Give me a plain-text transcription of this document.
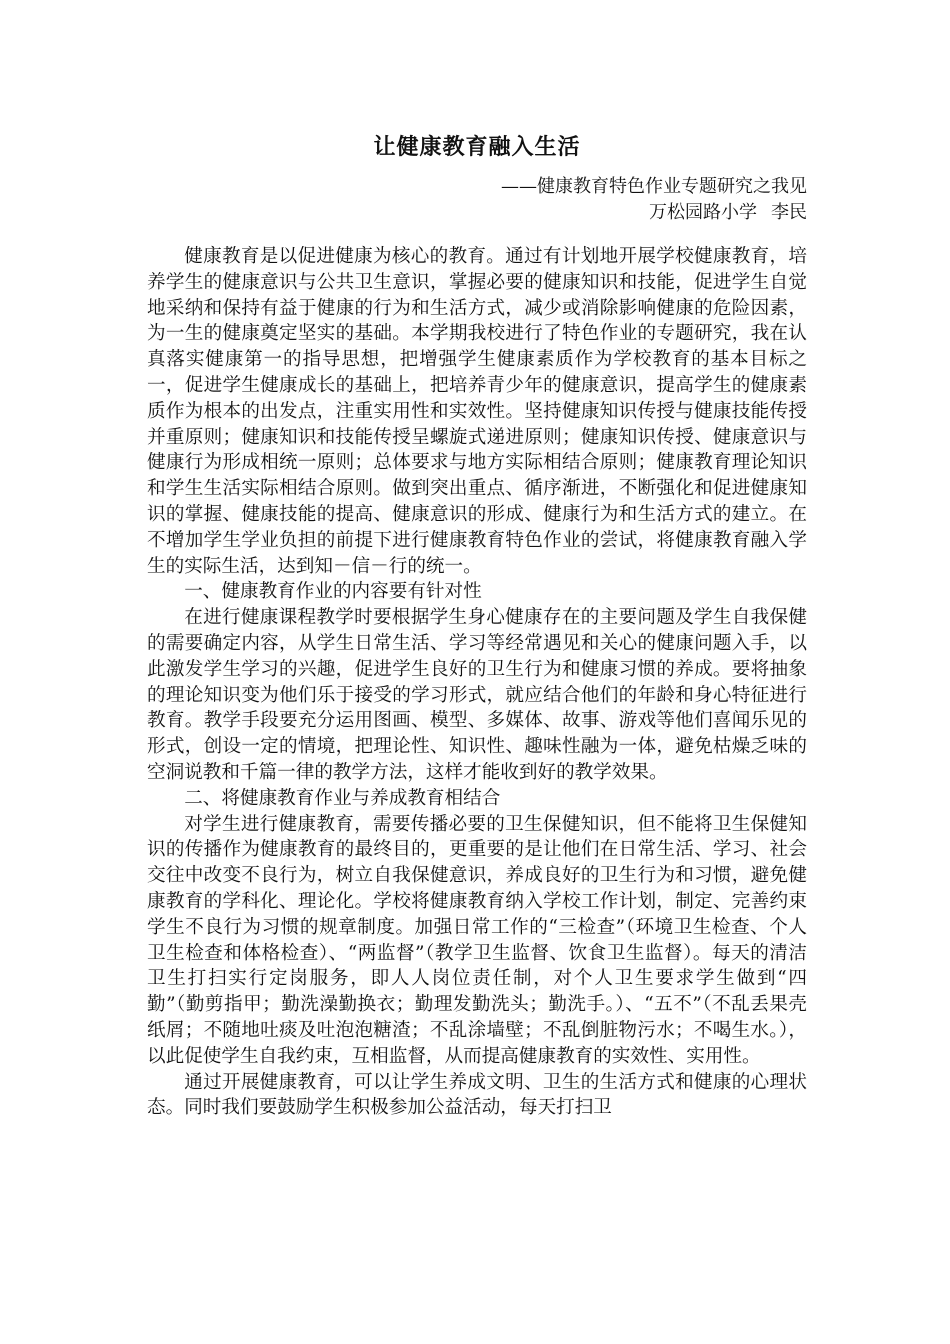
让健康教育融入生活
——健康教育特色作业专题研究之我见
万松园路小学 李民

健康教育是以促进健康为核心的教育。通过有计划地开展学校健康教育，培养学生的健康意识与公共卫生意识，掌握必要的健康知识和技能，促进学生自觉地采纳和保持有益于健康的行为和生活方式，减少或消除影响健康的危险因素，为一生的健康奠定坚实的基础。本学期我校进行了特色作业的专题研究，我在认真落实健康第一的指导思想，把增强学生健康素质作为学校教育的基本目标之一，促进学生健康成长的基础上，把培养青少年的健康意识，提高学生的健康素质作为根本的出发点，注重实用性和实效性。坚持健康知识传授与健康技能传授并重原则；健康知识和技能传授呈螺旋式递进原则；健康知识传授、健康意识与健康行为形成相统一原则；总体要求与地方实际相结合原则；健康教育理论知识和学生生活实际相结合原则。做到突出重点、循序渐进，不断强化和促进健康知识的掌握、健康技能的提高、健康意识的形成、健康行为和生活方式的建立。在不增加学生学业负担的前提下进行健康教育特色作业的尝试，将健康教育融入学生的实际生活，达到知－信－行的统一。

一、健康教育作业的内容要有针对性

在进行健康课程教学时要根据学生身心健康存在的主要问题及学生自我保健的需要确定内容，从学生日常生活、学习等经常遇见和关心的健康问题入手，以此激发学生学习的兴趣，促进学生良好的卫生行为和健康习惯的养成。要将抽象的理论知识变为他们乐于接受的学习形式，就应结合他们的年龄和身心特征进行教育。教学手段要充分运用图画、模型、多媒体、故事、游戏等他们喜闻乐见的形式，创设一定的情境，把理论性、知识性、趣味性融为一体，避免枯燥乏味的空洞说教和千篇一律的教学方法，这样才能收到好的教学效果。

二、将健康教育作业与养成教育相结合

对学生进行健康教育，需要传播必要的卫生保健知识，但不能将卫生保健知识的传播作为健康教育的最终目的，更重要的是让他们在日常生活、学习、社会交往中改变不良行为，树立自我保健意识，养成良好的卫生行为和习惯，避免健康教育的学科化、理论化。学校将健康教育纳入学校工作计划，制定、完善约束学生不良行为习惯的规章制度。加强日常工作的“三检查”（环境卫生检查、个人卫生检查和体格检查）、“两监督”（教学卫生监督、饮食卫生监督）。每天的清洁卫生打扫实行定岗服务，即人人岗位责任制，对个人卫生要求学生做到“四勤”（勤剪指甲；勤洗澡勤换衣；勤理发勤洗头；勤洗手。）、“五不”（不乱丢果壳纸屑；不随地吐痰及吐泡泡糖渣；不乱涂墙壁；不乱倒脏物污水；不喝生水。），以此促使学生自我约束，互相监督，从而提高健康教育的实效性、实用性。

通过开展健康教育，可以让学生养成文明、卫生的生活方式和健康的心理状态。同时我们要鼓励学生积极参加公益活动，每天打扫卫
